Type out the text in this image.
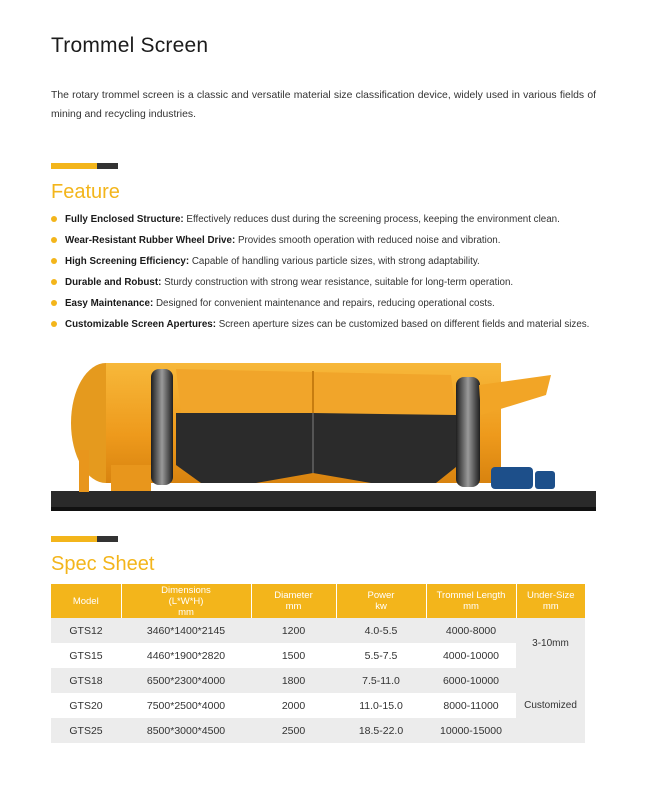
Trommel Screen

The rotary trommel screen is a classic and versatile material size classification device, widely used in various fields of mining and recycling industries.

Feature
Fully Enclosed Structure: Effectively reduces dust during the screening process, keeping the environment clean.
Wear-Resistant Rubber Wheel Drive: Provides smooth operation with reduced noise and vibration.
High Screening Efficiency: Capable of handling various particle sizes, with strong adaptability.
Durable and Robust: Sturdy construction with strong wear resistance, suitable for long-term operation.
Easy Maintenance: Designed for convenient maintenance and repairs, reducing operational costs.
Customizable Screen Apertures: Screen aperture sizes can be customized based on different fields and material sizes.
Spec Sheet
Model	Dimensions
(L*W*H)
mm	Diameter
mm	Power
kw	Trommel Length
mm	Under-Size
mm
GTS12	3460*1400*2145	1200	4.0-5.5	4000-8000	3-10mm
GTS15	4460*1900*2820	1500	5.5-7.5	4000-10000	
GTS18	6500*2300*4000	1800	7.5-11.0	6000-10000	Customized
GTS20	7500*2500*4000	2000	11.0-15.0	8000-11000	
GTS25	8500*3000*4500	2500	18.5-22.0	10000-15000	
